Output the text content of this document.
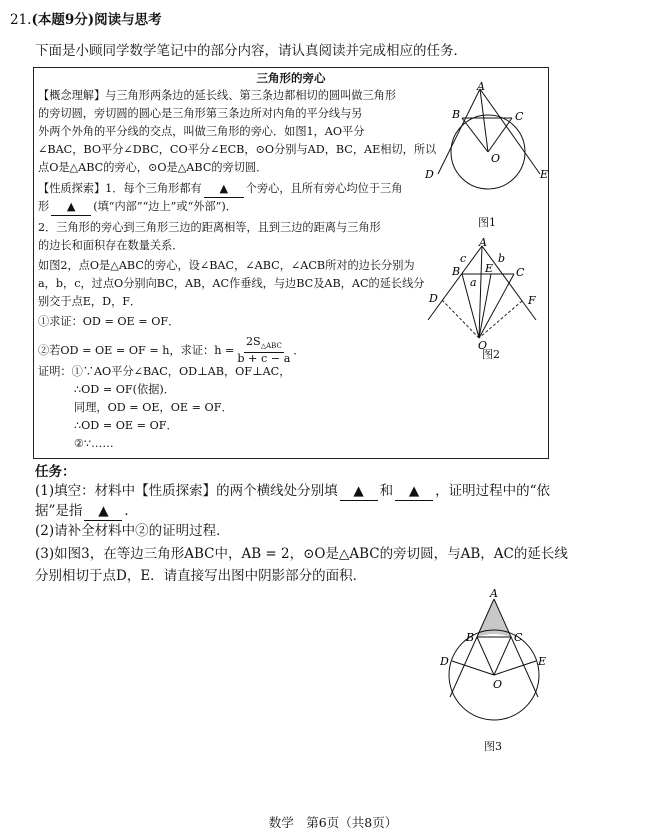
21.(本题9分)阅读与思考
下面是小顾同学数学笔记中的部分内容，请认真阅读并完成相应的任务．
三角形的旁心
【概念理解】与三角形两条边的延长线、第三条边都相切的圆叫做三角形
的旁切圆，旁切圆的圆心是三角形第三条边所对内角的平分线与另
外两个外角的平分线的交点，叫做三角形的旁心．如图1，AO平分
∠BAC，BO平分∠DBC，CO平分∠ECB，⊙O分别与AD，BC，AE相切，所以
点O是△ABC的旁心，⊙O是△ABC的旁切圆．
【性质探索】1．每个三角形都有 ▲ 个旁心，且所有旁心均位于三角
形 ▲ (填“内部”“边上”或“外部”)．
2．三角形的旁心到三角形三边的距离相等，且到三边的距离与三角形
的边长和面积存在数量关系．
如图2，点O是△ABC的旁心，设∠BAC，∠ABC，∠ACB所对的边长分别为
a，b，c，过点O分别向BC，AB，AC作垂线，与边BC及AB，AC的延长线分
别交于点E，D，F．
①求证：OD = OE = OF．
②若OD = OE = OF = h，求证：h =
$2S_{\triangle ABC}$
b + c − a
．
证明：①∵AO平分∠BAC，OD⊥AB，OF⊥AC，
∴OD = OF(依据)．
同理，OD = OE，OE = OF．
∴OD = OE = OF．
②∵……
A
B	C
D	E
O
图1
A
B	C
D
E
F
O
c	b
a
图2
任务：
(1)填空：材料中【性质探索】的两个横线处分别填 ▲ 和 ▲ ，证明过程中的“依
据”是指 ▲ ．
(2)请补全材料中②的证明过程．
(3)如图3，在等边三角形ABC中，AB = 2，⊙O是△ABC的旁切圆，与AB，AC的延长线
分别相切于点D，E．请直接写出图中阴影部分的面积．
A
B	C
D	E
O
图3
数学　第6页（共8页）
